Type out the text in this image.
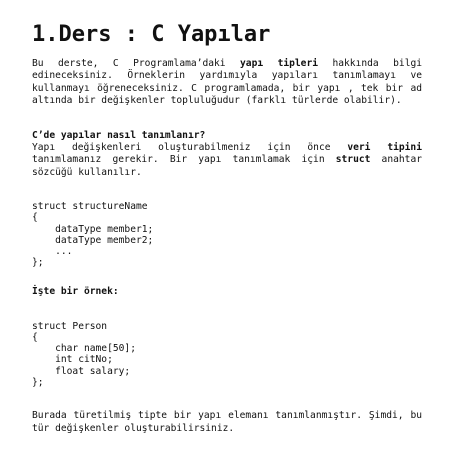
1.Ders : C Yapılar

Bu derste, C Programlama’daki yapı tipleri hakkında bilgi edineceksiniz. Örneklerin yardımıyla yapıları tanımlamayı ve kullanmayı öğreneceksiniz. C programlamada, bir yapı , tek bir ad altında bir değişkenler topluluğudur (farklı türlerde olabilir).

C’de yapılar nasıl tanımlanır?

Yapı değişkenleri oluşturabilmeniz için önce veri tipini tanımlamanız gerekir. Bir yapı tanımlamak için struct anahtar sözcüğü kullanılır.

struct structureName
{
dataType member1;
dataType member2;
...
};

İşte bir örnek:

struct Person
{
char name[50];
int citNo;
float salary;
};

Burada türetilmiş tipte bir yapı elemanı tanımlanmıştır. Şimdi, bu tür değişkenler oluşturabilirsiniz.
